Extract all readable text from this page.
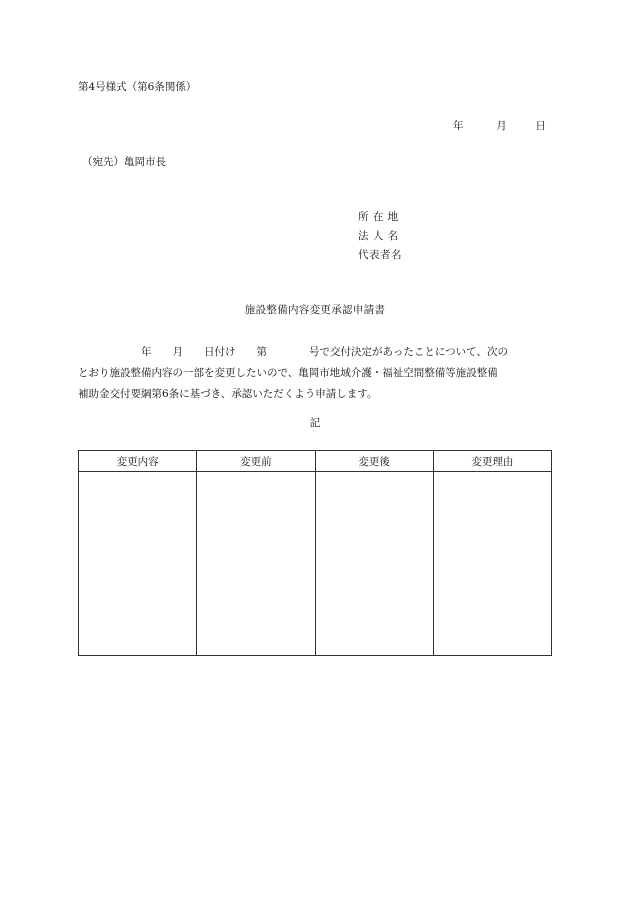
第4号様式（第6条関係）
年	月	日
（宛先）亀岡市長
所 在 地
法 人 名
代表者名
施設整備内容変更承認申請書

　　　　　　年　　月　　日付け　　第　　　　号で交付決定があったことについて、次の

とおり施設整備内容の一部を変更したいので、亀岡市地域介護・福祉空間整備等施設整備

補助金交付要綱第6条に基づき、承認いただくよう申請します。

記
変更内容	変更前	変更後	変更理由
